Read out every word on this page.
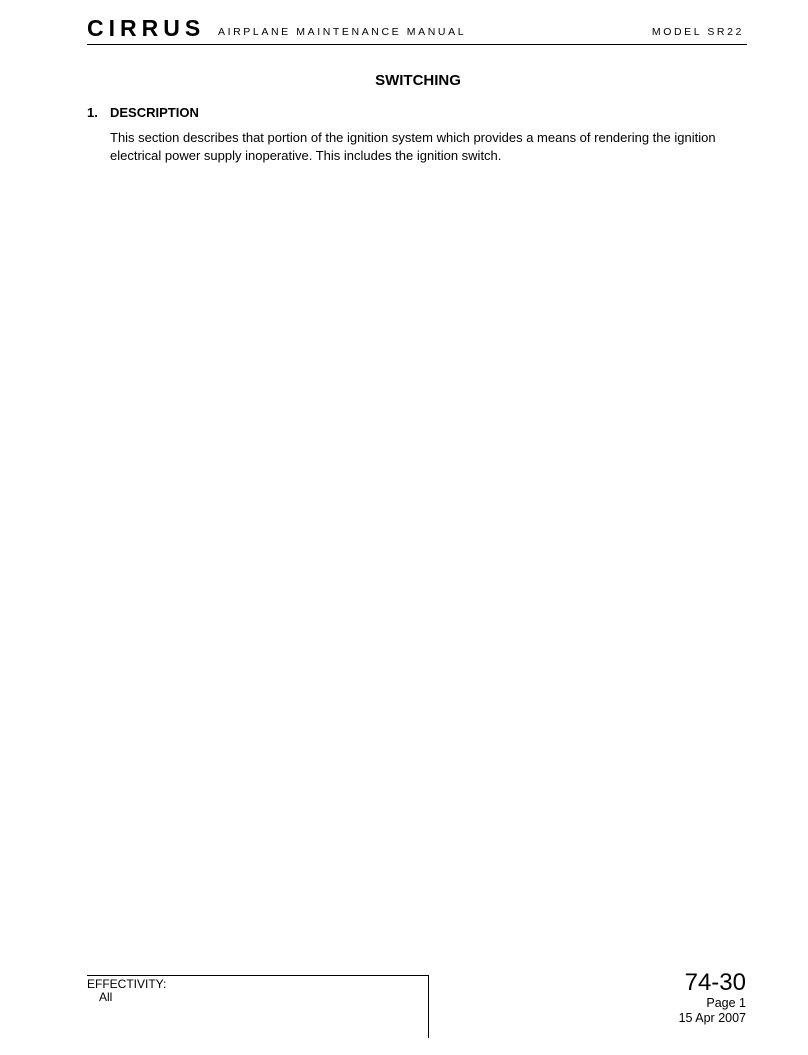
CIRRUS AIRPLANE MAINTENANCE MANUAL	MODEL SR22
SWITCHING
1. DESCRIPTION

This section describes that portion of the ignition system which provides a means of rendering the ignition electrical power supply inoperative. This includes the ignition switch.

EFFECTIVITY:
All
74-30
Page 1
15 Apr 2007
